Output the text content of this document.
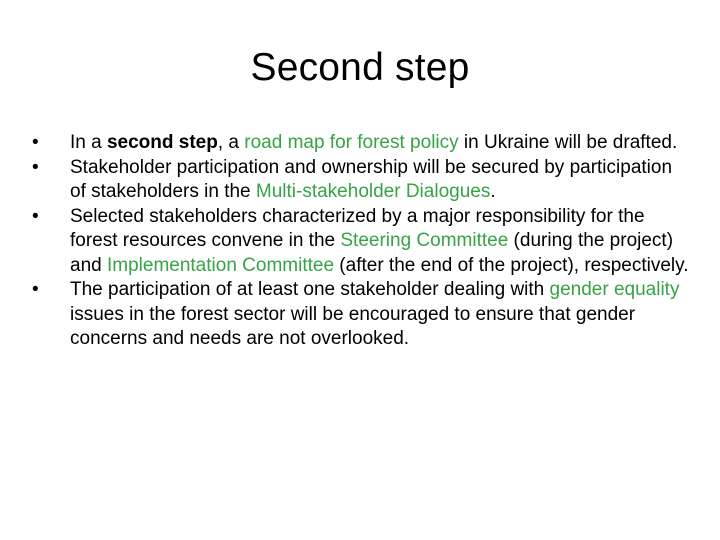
Second step
• In a second step, a road map for forest policy in Ukraine will be drafted.
• Stakeholder participation and ownership will be secured by participation of stakeholders in the Multi-stakeholder Dialogues.
• Selected stakeholders characterized by a major responsibility for the forest resources convene in the Steering Committee (during the project) and Implementation Committee (after the end of the project), respectively.
• The participation of at least one stakeholder dealing with gender equality issues in the forest sector will be encouraged to ensure that gender concerns and needs are not overlooked.
